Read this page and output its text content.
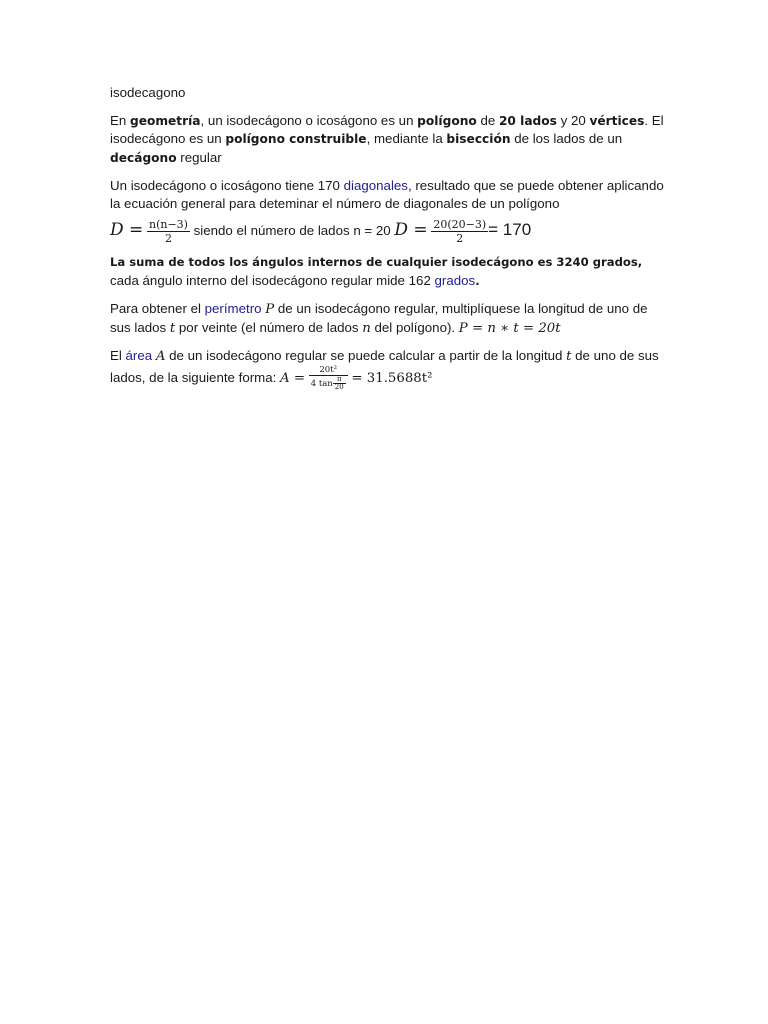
isodecagono

En geometría, un isodecágono o icoságono es un polígono de 20 lados y 20 vértices. El isodecágono es un polígono construible, mediante la bisección de los lados de un decágono regular

Un isodecágono o icoságono tiene 170 diagonales, resultado que se puede obtener aplicando la ecuación general para deteminar el número de diagonales de un polígono

$D = \frac{n(n-3)}{2}$ siendo el número de lados n = 20 $D = \frac{20(20-3)}{2} = 170$

La suma de todos los ángulos internos de cualquier isodecágono es 3240 grados, cada ángulo interno del isodecágono regular mide 162 grados.

Para obtener el perímetro P de un isodecágono regular, multiplíquese la longitud de uno de sus lados t por veinte (el número de lados n del polígono). P = n ∗ t = 20t

El área A de un isodecágono regular se puede calcular a partir de la longitud t de uno de sus lados, de la siguiente forma: $A = \frac{\text{20t²}}{4 \tan \frac{\pi}{20}} = 31.5688t^2$
